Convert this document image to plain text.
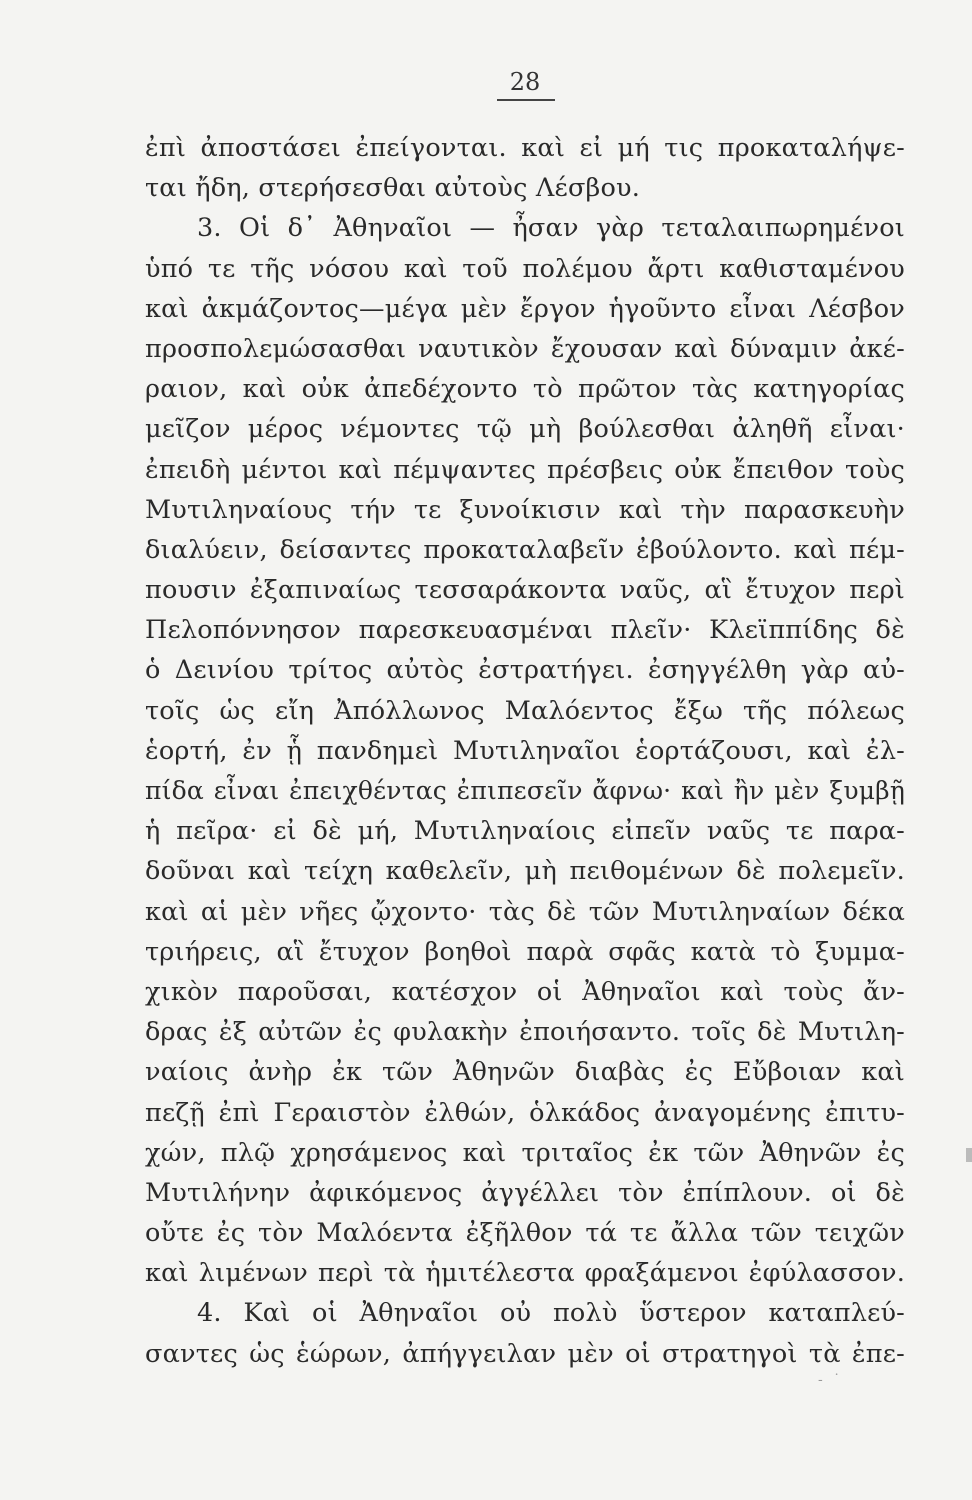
28
ἐπὶ ἀποστάσει ἐπείγονται. καὶ εἰ μή τις προκαταλήψε-
ται ἤδη, στερήσεσθαι αὐτοὺς Λέσβου.
3. Οἱ δ᾽ Ἀθηναῖοι — ἦσαν γὰρ τεταλαιπωρημένοι
ὑπό τε τῆς νόσου καὶ τοῦ πολέμου ἄρτι καθισταμένου
καὶ ἀκμάζοντος—μέγα μὲν ἔργον ἡγοῦντο εἶναι Λέσβον
προσπολεμώσασθαι ναυτικὸν ἔχουσαν καὶ δύναμιν ἀκέ-
ραιον, καὶ οὐκ ἀπεδέχοντο τὸ πρῶτον τὰς κατηγορίας
μεῖζον μέρος νέμοντες τῷ μὴ βούλεσθαι ἀληθῆ εἶναι·
ἐπειδὴ μέντοι καὶ πέμψαντες πρέσβεις οὐκ ἔπειθον τοὺς
Μυτιληναίους τήν τε ξυνοίκισιν καὶ τὴν παρασκευὴν
διαλύειν, δείσαντες προκαταλαβεῖν ἐβούλοντο. καὶ πέμ-
πουσιν ἐξαπιναίως τεσσαράκοντα ναῦς, αἳ ἔτυχον περὶ
Πελοπόννησον παρεσκευασμέναι πλεῖν· Κλεϊππίδης δὲ
ὁ Δεινίου τρίτος αὐτὸς ἐστρατήγει. ἐσηγγέλθη γὰρ αὐ-
τοῖς ὡς εἴη Ἀπόλλωνος Μαλόεντος ἔξω τῆς πόλεως
ἑορτή, ἐν ᾗ πανδημεὶ Μυτιληναῖοι ἑορτάζουσι, καὶ ἐλ-
πίδα εἶναι ἐπειχθέντας ἐπιπεσεῖν ἄφνω· καὶ ἢν μὲν ξυμβῇ
ἡ πεῖρα· εἰ δὲ μή, Μυτιληναίοις εἰπεῖν ναῦς τε παρα-
δοῦναι καὶ τείχη καθελεῖν, μὴ πειθομένων δὲ πολεμεῖν.
καὶ αἱ μὲν νῆες ᾤχοντο· τὰς δὲ τῶν Μυτιληναίων δέκα
τριήρεις, αἳ ἔτυχον βοηθοὶ παρὰ σφᾶς κατὰ τὸ ξυμμα-
χικὸν παροῦσαι, κατέσχον οἱ Ἀθηναῖοι καὶ τοὺς ἄν-
δρας ἐξ αὐτῶν ἐς φυλακὴν ἐποιήσαντο. τοῖς δὲ Μυτιλη-
ναίοις ἀνὴρ ἐκ τῶν Ἀθηνῶν διαβὰς ἐς Εὔβοιαν καὶ
πεζῇ ἐπὶ Γεραιστὸν ἐλθών, ὁλκάδος ἀναγομένης ἐπιτυ-
χών, πλῷ χρησάμενος καὶ τριταῖος ἐκ τῶν Ἀθηνῶν ἐς
Μυτιλήνην ἀφικόμενος ἀγγέλλει τὸν ἐπίπλουν. οἱ δὲ
οὔτε ἐς τὸν Μαλόεντα ἐξῆλθον τά τε ἄλλα τῶν τειχῶν
καὶ λιμένων περὶ τὰ ἡμιτέλεστα φραξάμενοι ἐφύλασσον.
4. Καὶ οἱ Ἀθηναῖοι οὐ πολὺ ὕστερον καταπλεύ-
σαντες ὡς ἑώρων, ἀπήγγειλαν μὲν οἱ στρατηγοὶ τὰ ἐπε-
- ˙
